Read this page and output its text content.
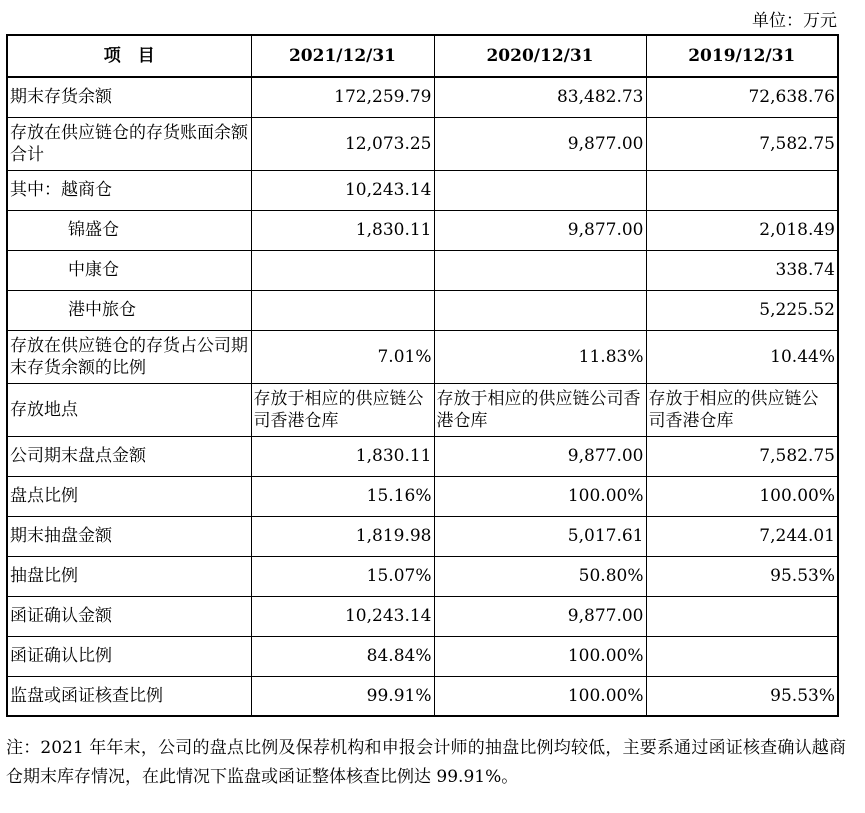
单位：万元
项　目	2021/12/31	2020/12/31	2019/12/31
期末存货余额	172,259.79	83,482.73	72,638.76
存放在供应链仓的存货账面余额合计	12,073.25	9,877.00	7,582.75
其中：越商仓	10,243.14		
锦盛仓	1,830.11	9,877.00	2,018.49
中康仓			338.74
港中旅仓			5,225.52
存放在供应链仓的存货占公司期末存货余额的比例	7.01%	11.83%	10.44%
存放地点	存放于相应的供应链公司香港仓库	存放于相应的供应链公司香港仓库	存放于相应的供应链公司香港仓库
公司期末盘点金额	1,830.11	9,877.00	7,582.75
盘点比例	15.16%	100.00%	100.00%
期末抽盘金额	1,819.98	5,017.61	7,244.01
抽盘比例	15.07%	50.80%	95.53%
函证确认金额	10,243.14	9,877.00	
函证确认比例	84.84%	100.00%	
监盘或函证核查比例	99.91%	100.00%	95.53%
注：2021 年年末，公司的盘点比例及保荐机构和申报会计师的抽盘比例均较低，主要系通过函证核查确认越商仓期末库存情况，在此情况下监盘或函证整体核查比例达 99.91%。
